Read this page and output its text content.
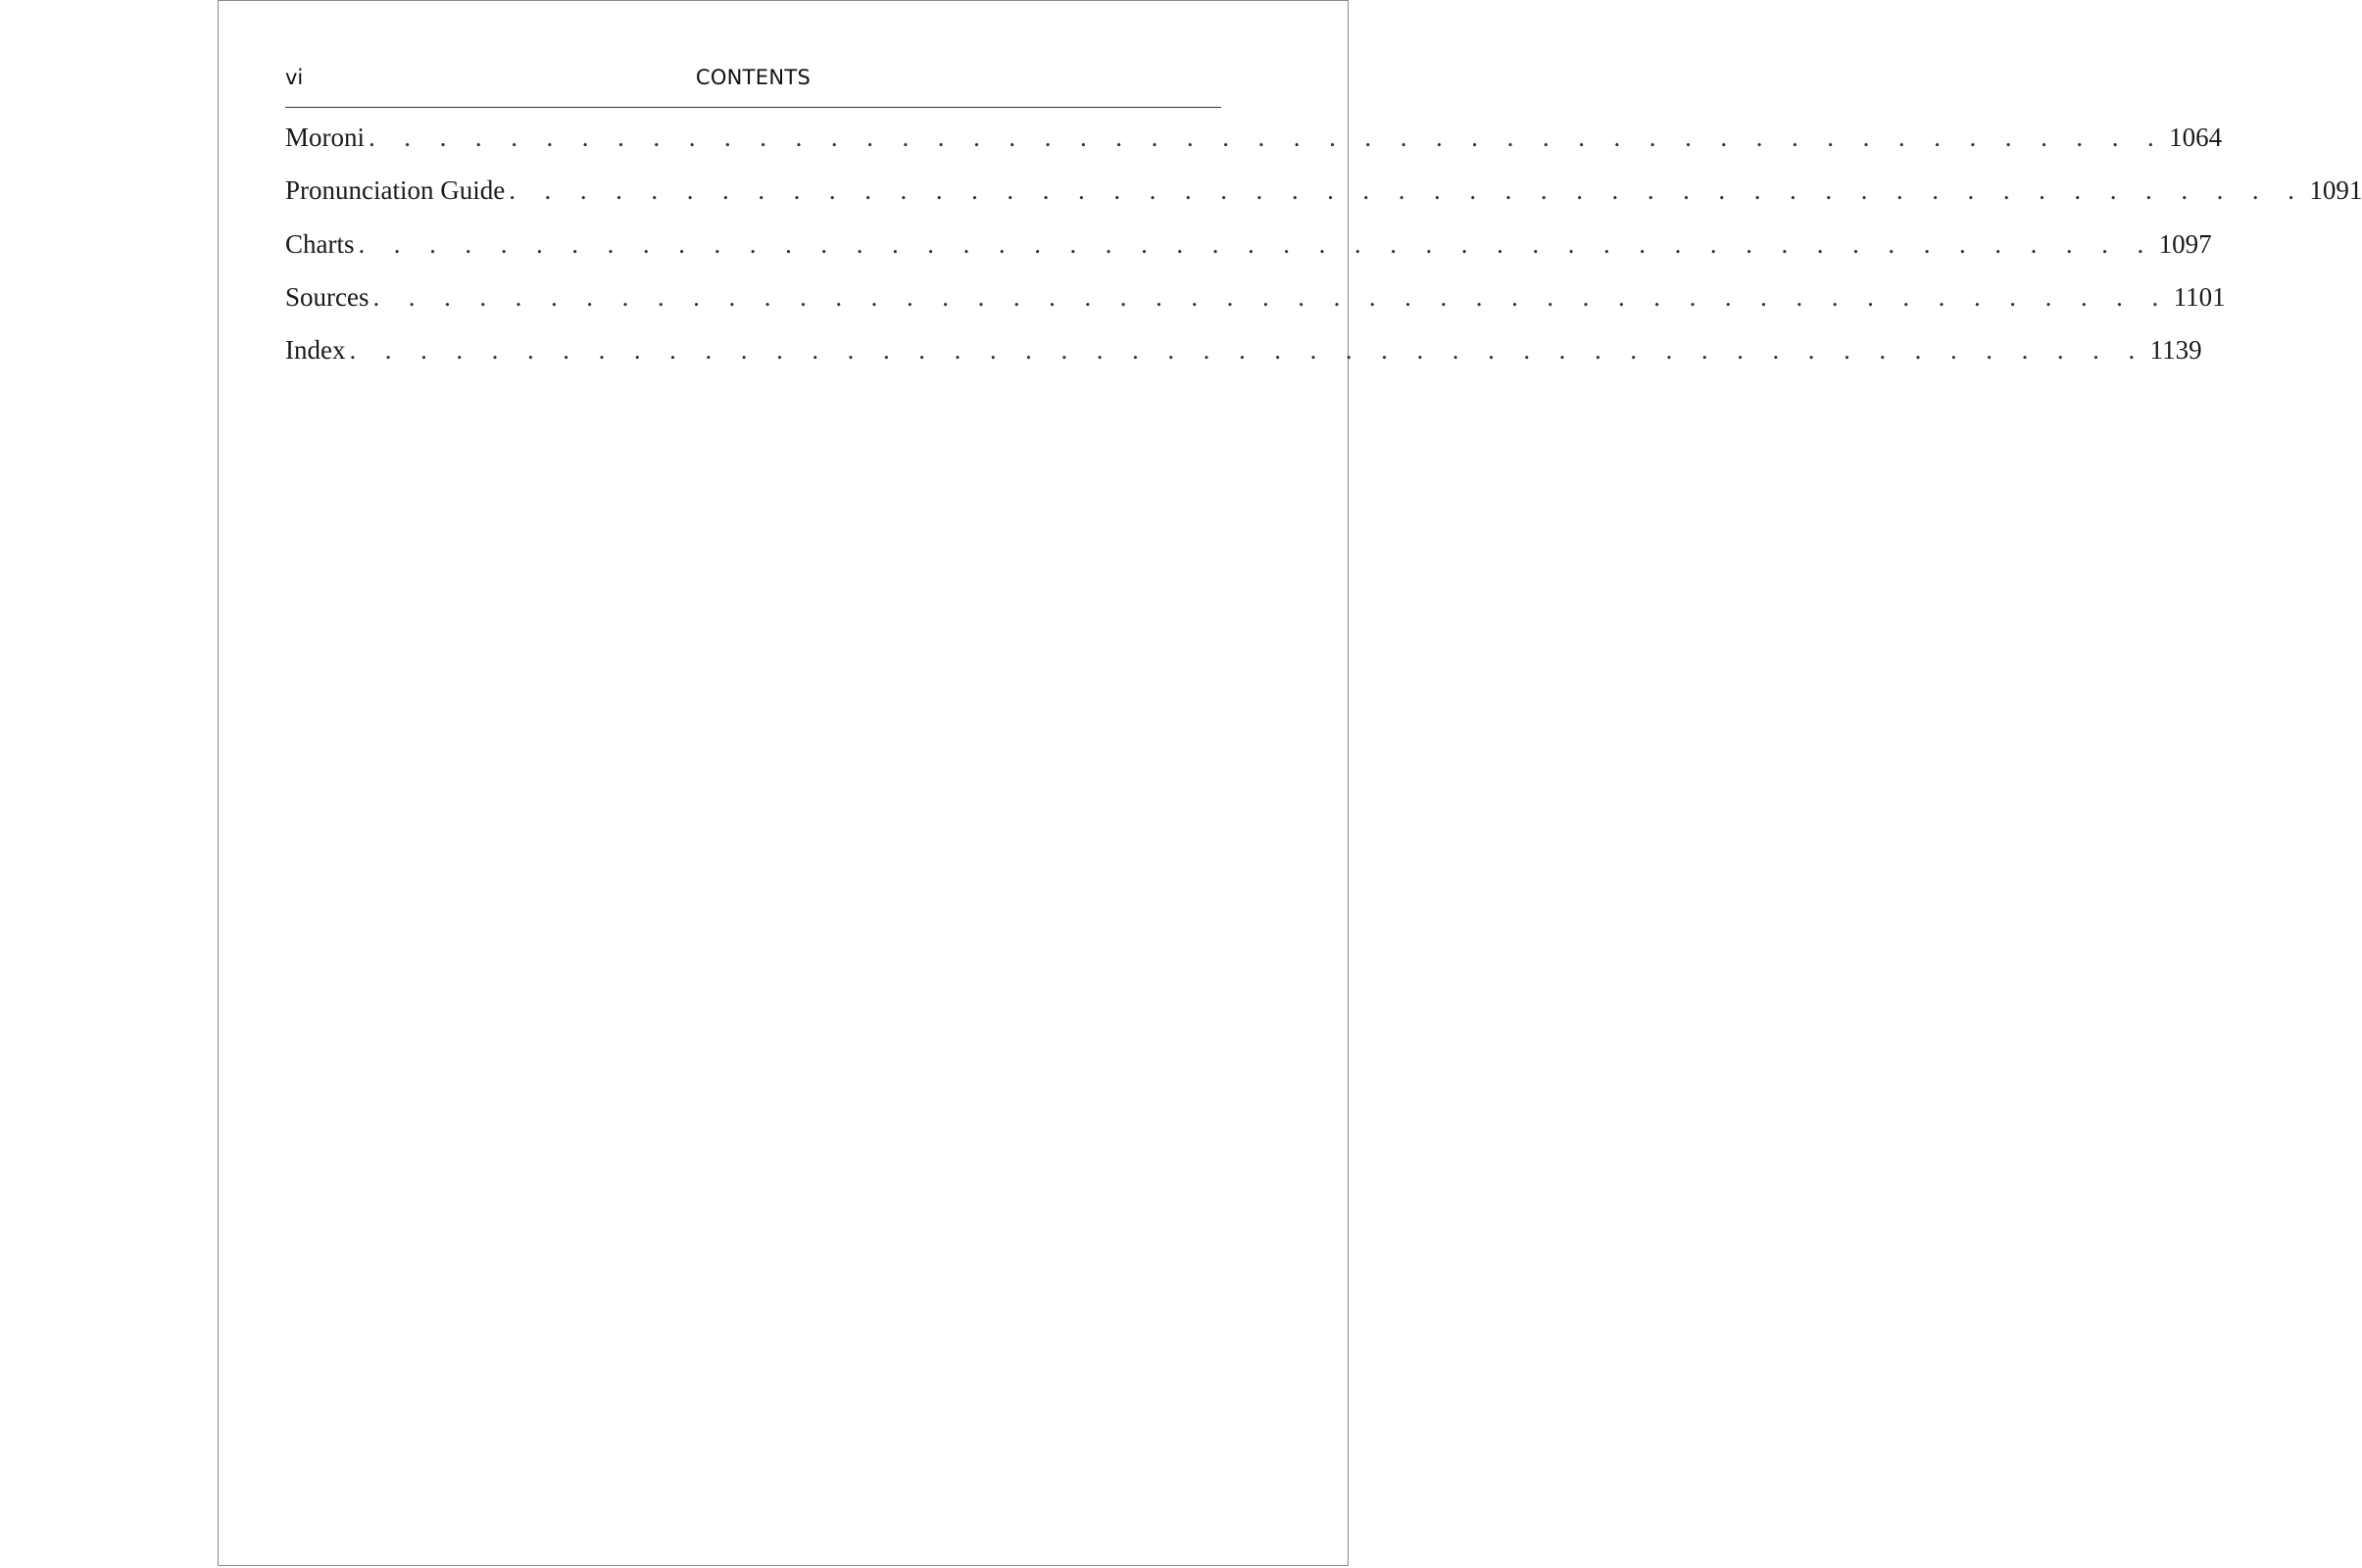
vi	CONTENTS
Moroni . . . . . . . . . . . . . . . . . . . . . . . . . . . . . . . . . . . . . . . . . . . . . . . . . . . 1064
Pronunciation Guide . . . . . . . . . . . . . . . . . . . . . . . . . . . . . . . . . . . . . . . . . . . . . . . . . . . 1091
Charts . . . . . . . . . . . . . . . . . . . . . . . . . . . . . . . . . . . . . . . . . . . . . . . . . . . 1097
Sources . . . . . . . . . . . . . . . . . . . . . . . . . . . . . . . . . . . . . . . . . . . . . . . . . . . 1101
Index . . . . . . . . . . . . . . . . . . . . . . . . . . . . . . . . . . . . . . . . . . . . . . . . . . . 1139
